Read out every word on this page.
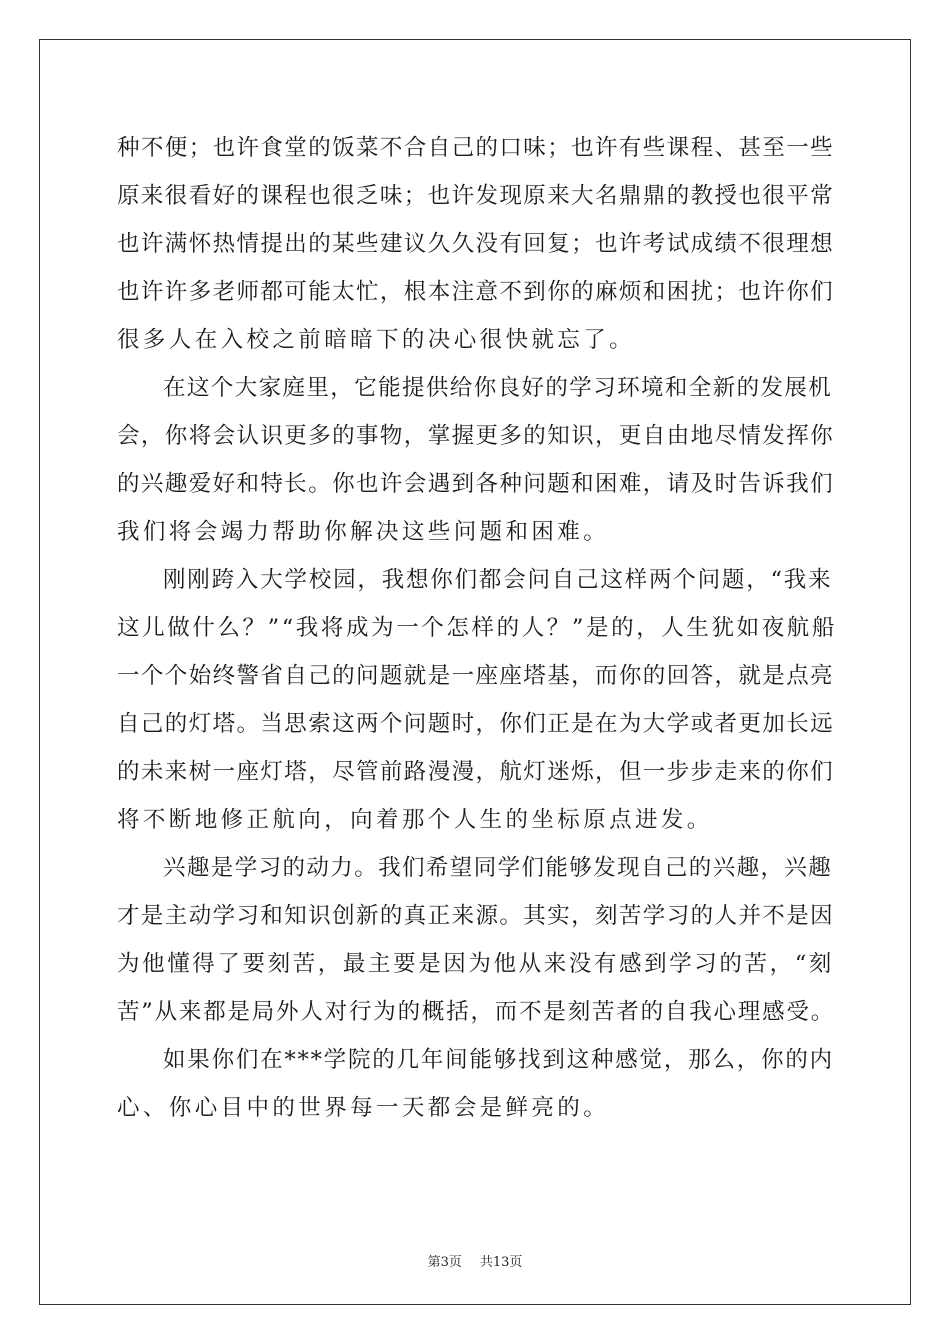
种不便；也许食堂的饭菜不合自己的口味；也许有些课程、甚至一些
原来很看好的课程也很乏味；也许发现原来大名鼎鼎的教授也很平常
也许满怀热情提出的某些建议久久没有回复；也许考试成绩不很理想
也许许多老师都可能太忙，根本注意不到你的麻烦和困扰；也许你们
很多人在入校之前暗暗下的决心很快就忘了。
在这个大家庭里，它能提供给你良好的学习环境和全新的发展机
会，你将会认识更多的事物，掌握更多的知识，更自由地尽情发挥你
的兴趣爱好和特长。你也许会遇到各种问题和困难，请及时告诉我们
我们将会竭力帮助你解决这些问题和困难。
刚刚跨入大学校园，我想你们都会问自己这样两个问题，“我来
这儿做什么？”“我将成为一个怎样的人？”是的，人生犹如夜航船
一个个始终警省自己的问题就是一座座塔基，而你的回答，就是点亮
自己的灯塔。当思索这两个问题时，你们正是在为大学或者更加长远
的未来树一座灯塔，尽管前路漫漫，航灯迷烁，但一步步走来的你们
将不断地修正航向，向着那个人生的坐标原点进发。
兴趣是学习的动力。我们希望同学们能够发现自己的兴趣，兴趣
才是主动学习和知识创新的真正来源。其实，刻苦学习的人并不是因
为他懂得了要刻苦，最主要是因为他从来没有感到学习的苦，“刻
苦”从来都是局外人对行为的概括，而不是刻苦者的自我心理感受。
如果你们在***学院的几年间能够找到这种感觉，那么，你的内
心、你心目中的世界每一天都会是鲜亮的。
第3页 共13页
